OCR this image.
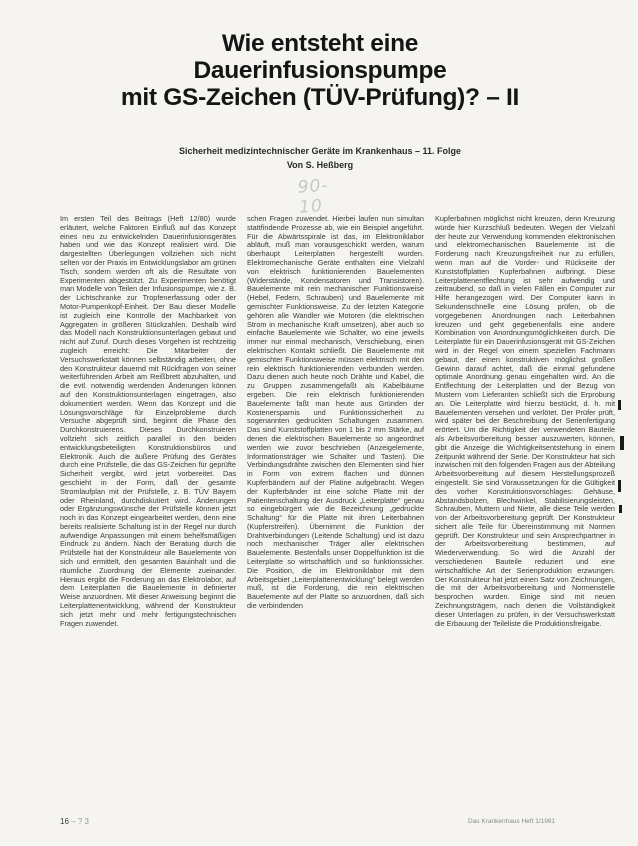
Wie entsteht eine
Dauerinfusionspumpe
mit GS-Zeichen (TÜV-Prüfung)? – II
Sicherheit medizintechnischer Geräte im Krankenhaus – 11. Folge
Von S. Heßberg
90-10

Im ersten Teil des Beitrags (Heft 12/80) wurde erläutert, welche Faktoren Einfluß auf das Konzept eines neu zu entwickelnden Dauerinfusionsgerätes haben und wie das Konzept realisiert wird. Die dargestellten Überlegungen vollziehen sich nicht selten vor der Praxis im Entwicklungslabor am grünen Tisch, sondern werden oft als die Resultate von Experimenten abgestützt. Zu Experimenten benötigt man Modelle von Teilen der Infusionspumpe, wie z. B. der Lichtschranke zur Tropfenerfassung oder der Motor-Pumpenkopf-Einheit. Der Bau dieser Modelle ist zugleich eine Kontrolle der Machbarkeit von Aggregaten in größeren Stückzahlen. Deshalb wird das Modell nach Konstruktionsunterlagen gebaut und nicht auf Zuruf. Durch dieses Vorgehen ist rechtzeitig zugleich erreicht: Die Mitarbeiter der Versuchswerkstatt können selbständig arbeiten, ohne den Konstrukteur dauernd mit Rückfragen von seiner weiterführenden Arbeit am Reißbrett abzuhalten, und die evtl. notwendig werdenden Änderungen können auf den Konstruktionsunterlagen eingetragen, also dokumentiert werden. Wenn das Konzept und die Lösungsvorschläge für Einzelprobleme durch Versuche abgeprüft sind, beginnt die Phase des Durchkonstruierens. Dieses Durchkonstruieren vollzieht sich zeitlich parallel in den beiden entwicklungsbeteiligten Konstruktionsbüros und Elektronik. Auch die äußere Prüfung des Gerätes durch eine Prüfstelle, die das GS-Zeichen für geprüfte Sicherheit vergibt, wird jetzt vorbereitet. Das geschieht in der Form, daß der gesamte Stromlaufplan mit der Prüfstelle, z. B. TÜV Bayern oder Rheinland, durchdiskutiert wird. Änderungen oder Ergänzungswünsche der Prüfstelle können jetzt noch in das Konzept eingearbeitet werden, denn eine bereits realisierte Schaltung ist in der Regel nur durch aufwendige Anpassungen mit einem behelfsmäßigen Eindruck zu ändern. Nach der Beratung durch die Prüfstelle hat der Konstrukteur alle Bauelemente von sich und ermittelt, den gesamten Bauinhalt und die räumliche Zuordnung der Elemente zueinander. Hieraus ergibt die Forderung an das Elektrolabor, auf dem Leiterplatten die Bauelemente in definierter Weise anzuordnen. Mit dieser Anweisung beginnt die Leiterplattenentwicklung, während der Konstrukteur sich jetzt mehr und mehr fertigungstechnischen Fragen zuwendet.

schen Fragen zuwendet. Hierbei laufen nun simultan stattfindende Prozesse ab, wie ein Beispiel angeführt. Für die Abwärtsspirale ist das, im Elektroniklabor abläuft, muß man vorausgeschickt werden, warum überhaupt Leiterplatten hergestellt wurden. Elektromechanische Geräte enthalten eine Vielzahl von elektrisch funktionierenden Bauelementen (Widerstände, Kondensatoren und Transistoren). Bauelemente mit rein mechanischer Funktionsweise (Hebel, Federn, Schrauben) und Bauelemente mit gemischter Funktionsweise. Zu der letzten Kategorie gehören alle Wandler wie Motoren (die elektrischen Strom in mechanische Kraft umsetzen), aber auch so einfache Bauelemente wie Schalter, wo eine jeweils immer nur einmal mechanisch, Verschiebung, einen elektrischen Kontakt schließt. Die Bauelemente mit gemischter Funktionsweise müssen elektrisch mit den rein elektrisch funktionierenden verbunden werden. Dazu dienen auch heute noch Drähte und Kabel, die zu Gruppen zusammengefaßt als Kabelbäume ergeben. Die rein elektrisch funktionierenden Bauelemente faßt man heute aus Gründen der Kostenersparnis und Funktionssicherheit zu sogenannten gedruckten Schaltungen zusammen. Das sind Kunststoffplatten von 1 bis 2 mm Stärke, auf denen die elektrischen Bauelemente so angeordnet werden wie zuvor beschrieben (Anzeigelemente, Informationsträger wie Schalter und Tasten). Die Verbindungsdrähte zwischen den Elementen sind hier in Form von extrem flachen und dünnen Kupferbändern auf der Platine aufgebracht. Wegen der Kupferbänder ist eine solche Platte mit der Patientenschaltung der Ausdruck „Leiterplatte“ genau so eingebürgert wie die Bezeichnung „gedruckte Schaltung“ für die Platte mit ihren Leiterbahnen (Kupferstreifen). Übernimmt die Funktion der Drahtverbindungen (Leitende Schaltung) und ist dazu noch mechanischer Träger aller elektrischen Bauelemente. Bestenfalls unser Doppelfunktion ist die Leiterplatte so wirtschaftlich und so funktionssicher. Die Position, die im Elektroniklabor mit dem Arbeitsgebiet „Leiterplattenentwicklung“ belegt werden muß, ist die Forderung, die rein elektrischen Bauelemente auf der Platte so anzuordnen, daß sich die verbindenden

Kupferbahnen möglichst nicht kreuzen, denn Kreuzung würde hier Kurzschluß bedeuten. Wegen der Vielzahl der heute zur Verwendung kommenden elektronischen und elektromechanischen Bauelemente ist die Forderung nach Kreuzungsfreiheit nur zu erfüllen, wenn man auf die Vorder- und Rückseite der Kunststoffplatten Kupferbahnen aufbringt. Diese Leiterplattenentflechtung ist sehr aufwendig und zeitraubend, so daß in vielen Fällen ein Computer zur Hilfe herangezogen wird. Der Computer kann in Sekundenschnelle eine Lösung prüfen, ob die vorgegebenen Anordnungen nach Leiterbahnen kreuzen und geht gegebenenfalls eine andere Kombination von Anordnungsmöglichkeiten durch. Die Leiterplatte für ein Dauerinfusionsgerät mit GS-Zeichen wird in der Regel von einem speziellen Fachmann gebaut, der einen konstruktiven möglichst großen Gewinn darauf achtet, daß die einmal gefundene optimale Anordnung genau eingehalten wird. An die Entflechtung der Leiterplatten und der Bezug von Mustern vom Lieferanten schließt sich die Erprobung an. Die Leiterplatte wird hierzu bestückt, d. h. mit Bauelementen versehen und verlötet. Der Prüfer prüft, wird später bei der Beschreibung der Serienfertigung erörtert. Um die Richtigkeit der verwendeten Bauteile als Arbeitsvorbereitung besser auszuwerten, können, gibt die Anzeige die Wichtigkeitsentstehung in einem Zeitpunkt während der Serie. Der Konstrukteur hat sich inzwischen mit den folgenden Fragen aus der Abteilung Arbeitsvorbereitung auf diesem Herstellungsprozeß eingestellt. Sie sind Voraussetzungen für die Gültigkeit des vorher Konstruktionsvorschlages: Gehäuse, Abstandsbolzen, Blechwinkel, Stabilisierungsleisten, Schrauben, Muttern und Niete, alle diese Teile werden von der Arbeitsvorbereitung geprüft. Der Konstrukteur sichert alle Teile für Übereinstimmung mit Normen geprüft. Der Konstrukteur und sein Ansprechpartner in der Arbeitsvorbereitung bestimmen, auf Wiederverwendung. So wird die Anzahl der verschiedenen Bauteile reduziert und eine wirtschaftliche Art der Serienproduktion erzwungen. Der Konstrukteur hat jetzt einen Satz von Zeichnungen, die mit der Arbeitsvorbereitung und Normenstelle besprochen wurden. Einige sind mit neuen Zeichnungsträgern, nach denen die Vollständigkeit dieser Unterlagen zu prüfen, in der Versuchswerkstatt die Erbauung der Teileliste die Produktionsfreigabe.

16 – ? 3	Das Krankenhaus Heft 1/1981
